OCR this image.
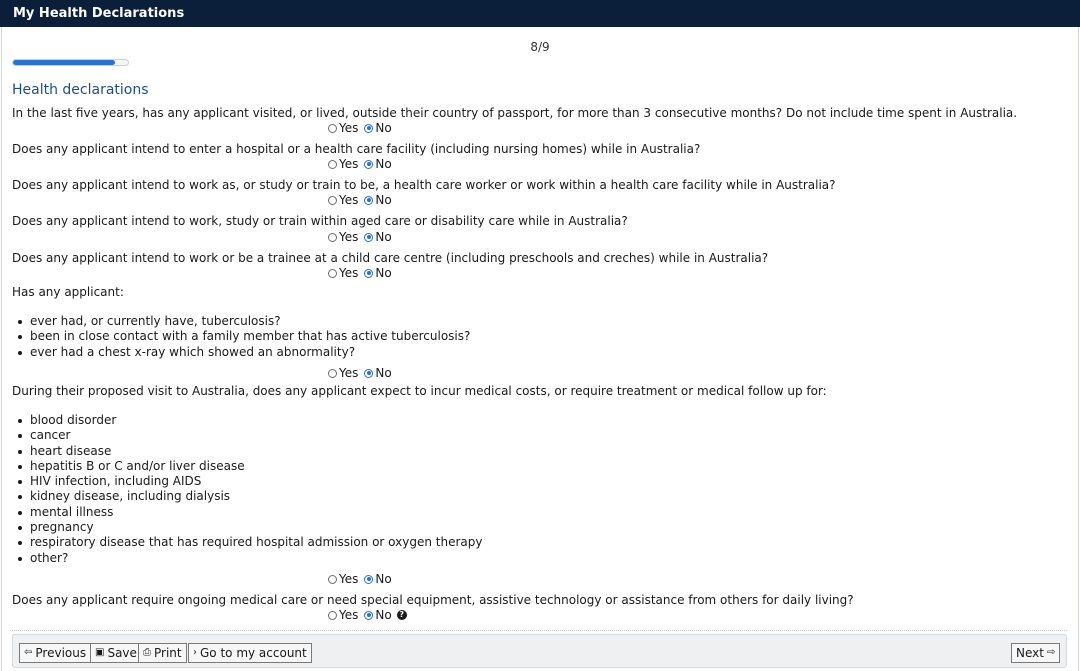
My Health Declarations
8/9
Health declarations
In the last five years, has any applicant visited, or lived, outside their country of passport, for more than 3 consecutive months? Do not include time spent in Australia.
Yes No
Does any applicant intend to enter a hospital or a health care facility (including nursing homes) while in Australia?
Yes No
Does any applicant intend to work as, or study or train to be, a health care worker or work within a health care facility while in Australia?
Yes No
Does any applicant intend to work, study or train within aged care or disability care while in Australia?
Yes No
Does any applicant intend to work or be a trainee at a child care centre (including preschools and creches) while in Australia?
Yes No
Has any applicant:
ever had, or currently have, tuberculosis?
been in close contact with a family member that has active tuberculosis?
ever had a chest x-ray which showed an abnormality?
Yes No
During their proposed visit to Australia, does any applicant expect to incur medical costs, or require treatment or medical follow up for:
blood disorder
cancer
heart disease
hepatitis B or C and/or liver disease
HIV infection, including AIDS
kidney disease, including dialysis
mental illness
pregnancy
respiratory disease that has required hospital admission or oxygen therapy
other?
Yes No
Does any applicant require ongoing medical care or need special equipment, assistive technology or assistance from others for daily living?
Yes No ?
⇦ Previous ▣ Save ⎙ Print › Go to my account	Next ⇨
